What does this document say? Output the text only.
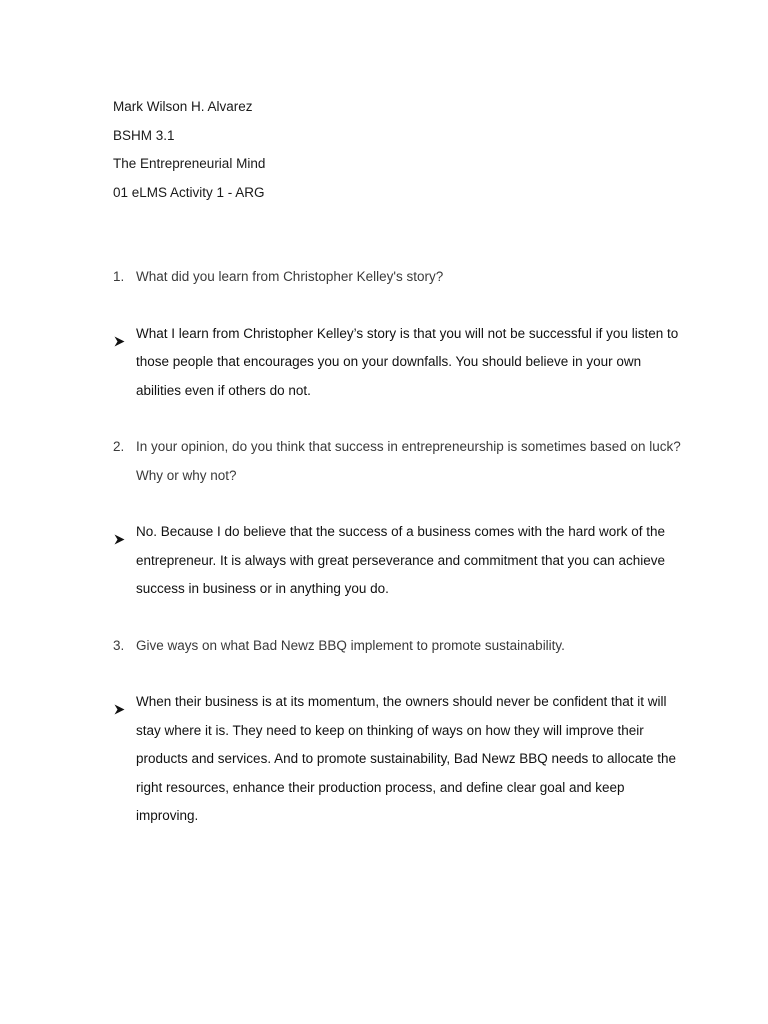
Mark Wilson H. Alvarez
BSHM 3.1
The Entrepreneurial Mind
01 eLMS Activity 1 - ARG
1. What did you learn from Christopher Kelley's story?
What I learn from Christopher Kelley’s story is that you will not be successful if you listen to those people that encourages you on your downfalls. You should believe in your own abilities even if others do not.
2. In your opinion, do you think that success in entrepreneurship is sometimes based on luck? Why or why not?
No. Because I do believe that the success of a business comes with the hard work of the entrepreneur. It is always with great perseverance and commitment that you can achieve success in business or in anything you do.
3. Give ways on what Bad Newz BBQ implement to promote sustainability.
When their business is at its momentum, the owners should never be confident that it will stay where it is. They need to keep on thinking of ways on how they will improve their products and services. And to promote sustainability, Bad Newz BBQ needs to allocate the right resources, enhance their production process, and define clear goal and keep improving.
